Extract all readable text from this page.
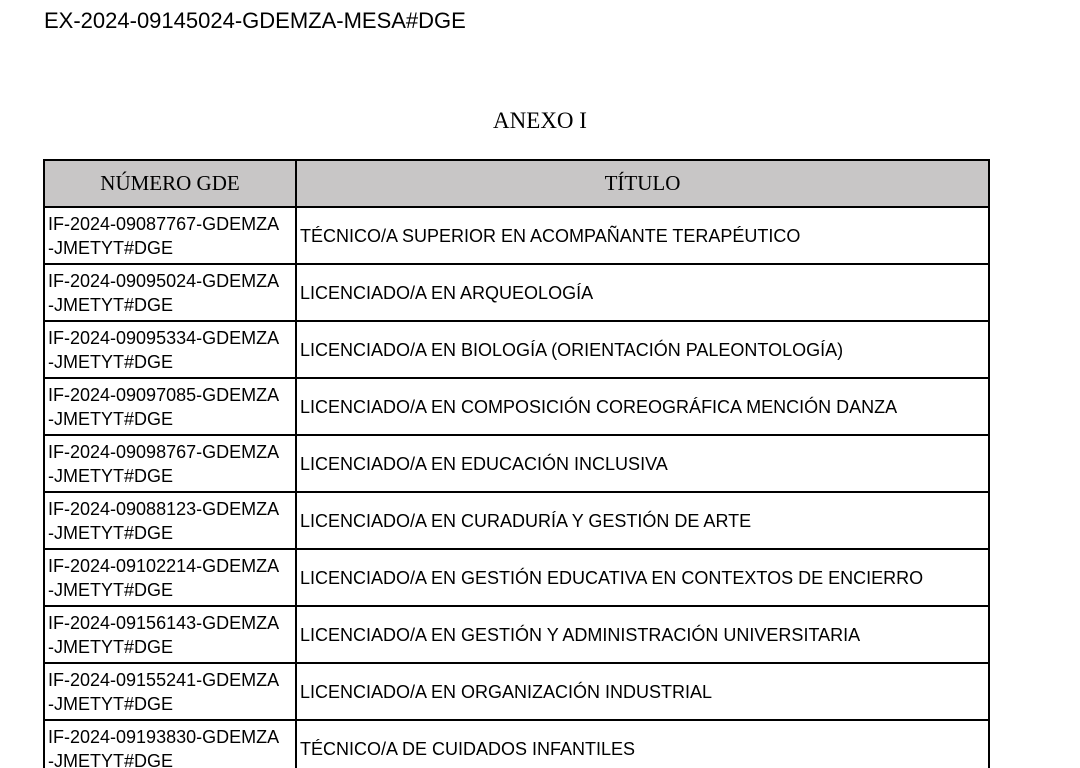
EX-2024-09145024-GDEMZA-MESA#DGE
ANEXO I
NÚMERO GDE	TÍTULO

IF-2024-09087767-GDEMZA
-JMETYT#DGE	TÉCNICO/A SUPERIOR EN ACOMPAÑANTE TERAPÉUTICO

IF-2024-09095024-GDEMZA
-JMETYT#DGE	LICENCIADO/A EN ARQUEOLOGÍA

IF-2024-09095334-GDEMZA
-JMETYT#DGE	LICENCIADO/A EN BIOLOGÍA (ORIENTACIÓN PALEONTOLOGÍA)

IF-2024-09097085-GDEMZA
-JMETYT#DGE	LICENCIADO/A EN COMPOSICIÓN COREOGRÁFICA MENCIÓN DANZA

IF-2024-09098767-GDEMZA
-JMETYT#DGE	LICENCIADO/A EN EDUCACIÓN INCLUSIVA

IF-2024-09088123-GDEMZA
-JMETYT#DGE	LICENCIADO/A EN CURADURÍA Y GESTIÓN DE ARTE

IF-2024-09102214-GDEMZA
-JMETYT#DGE	LICENCIADO/A EN GESTIÓN EDUCATIVA EN CONTEXTOS DE ENCIERRO

IF-2024-09156143-GDEMZA
-JMETYT#DGE	LICENCIADO/A EN GESTIÓN Y ADMINISTRACIÓN UNIVERSITARIA

IF-2024-09155241-GDEMZA
-JMETYT#DGE	LICENCIADO/A EN ORGANIZACIÓN INDUSTRIAL

IF-2024-09193830-GDEMZA
-JMETYT#DGE	TÉCNICO/A DE CUIDADOS INFANTILES
